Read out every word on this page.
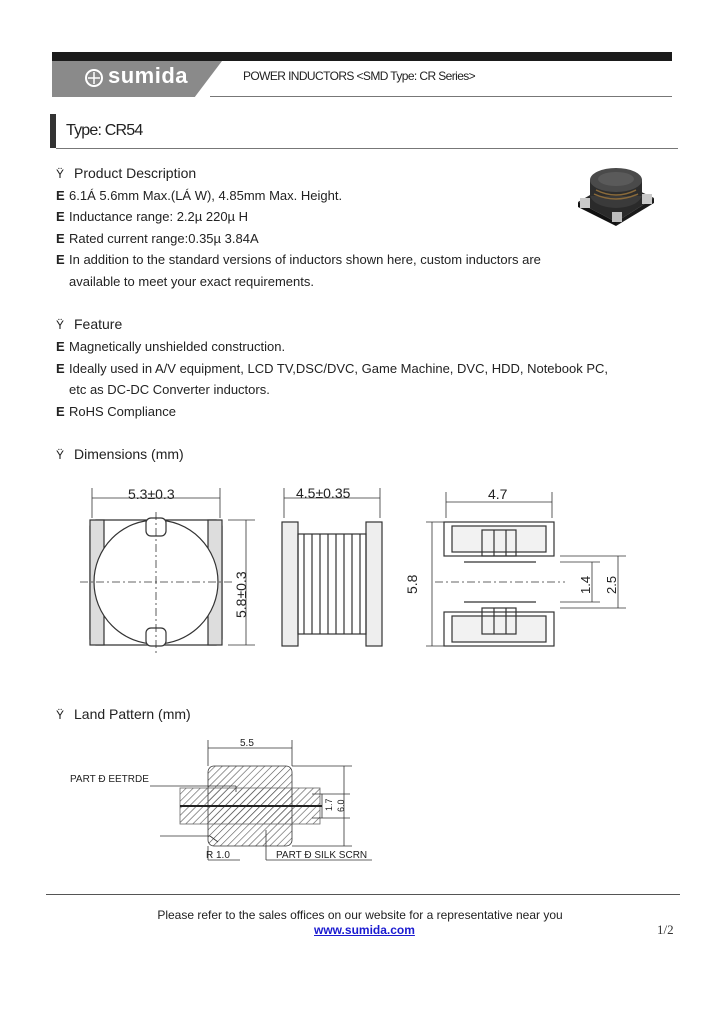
sumida	POWER INDUCTORS <SMD Type: CR Series>
Type: CR54
Ÿ Product Description
E 6.1Á 5.6mm Max.(LÁ W), 4.85mm Max. Height.
E Inductance range: 2.2µ 220µ H
E Rated current range:0.35µ 3.84A
E In addition to the standard versions of inductors shown here, custom inductors are
available to meet your exact requirements.
Ÿ Feature
E Magnetically unshielded construction.
E Ideally used in A/V equipment, LCD TV,DSC/DVC, Game Machine, DVC, HDD, Notebook PC,
etc as DC-DC Converter inductors.
E RoHS Compliance
Ÿ Dimensions (mm)
5.3±0.3
5.8±0.3
4.5±0.35	4.7
5.8	1.4 2.5
Ÿ Land Pattern (mm)
5.5
PART Ð EETRDE
R 1.0	PART Ð SILK SCRN
1.7 6.0
Please refer to the sales offices on our website for a representative near you
www.sumida.com	1/2
